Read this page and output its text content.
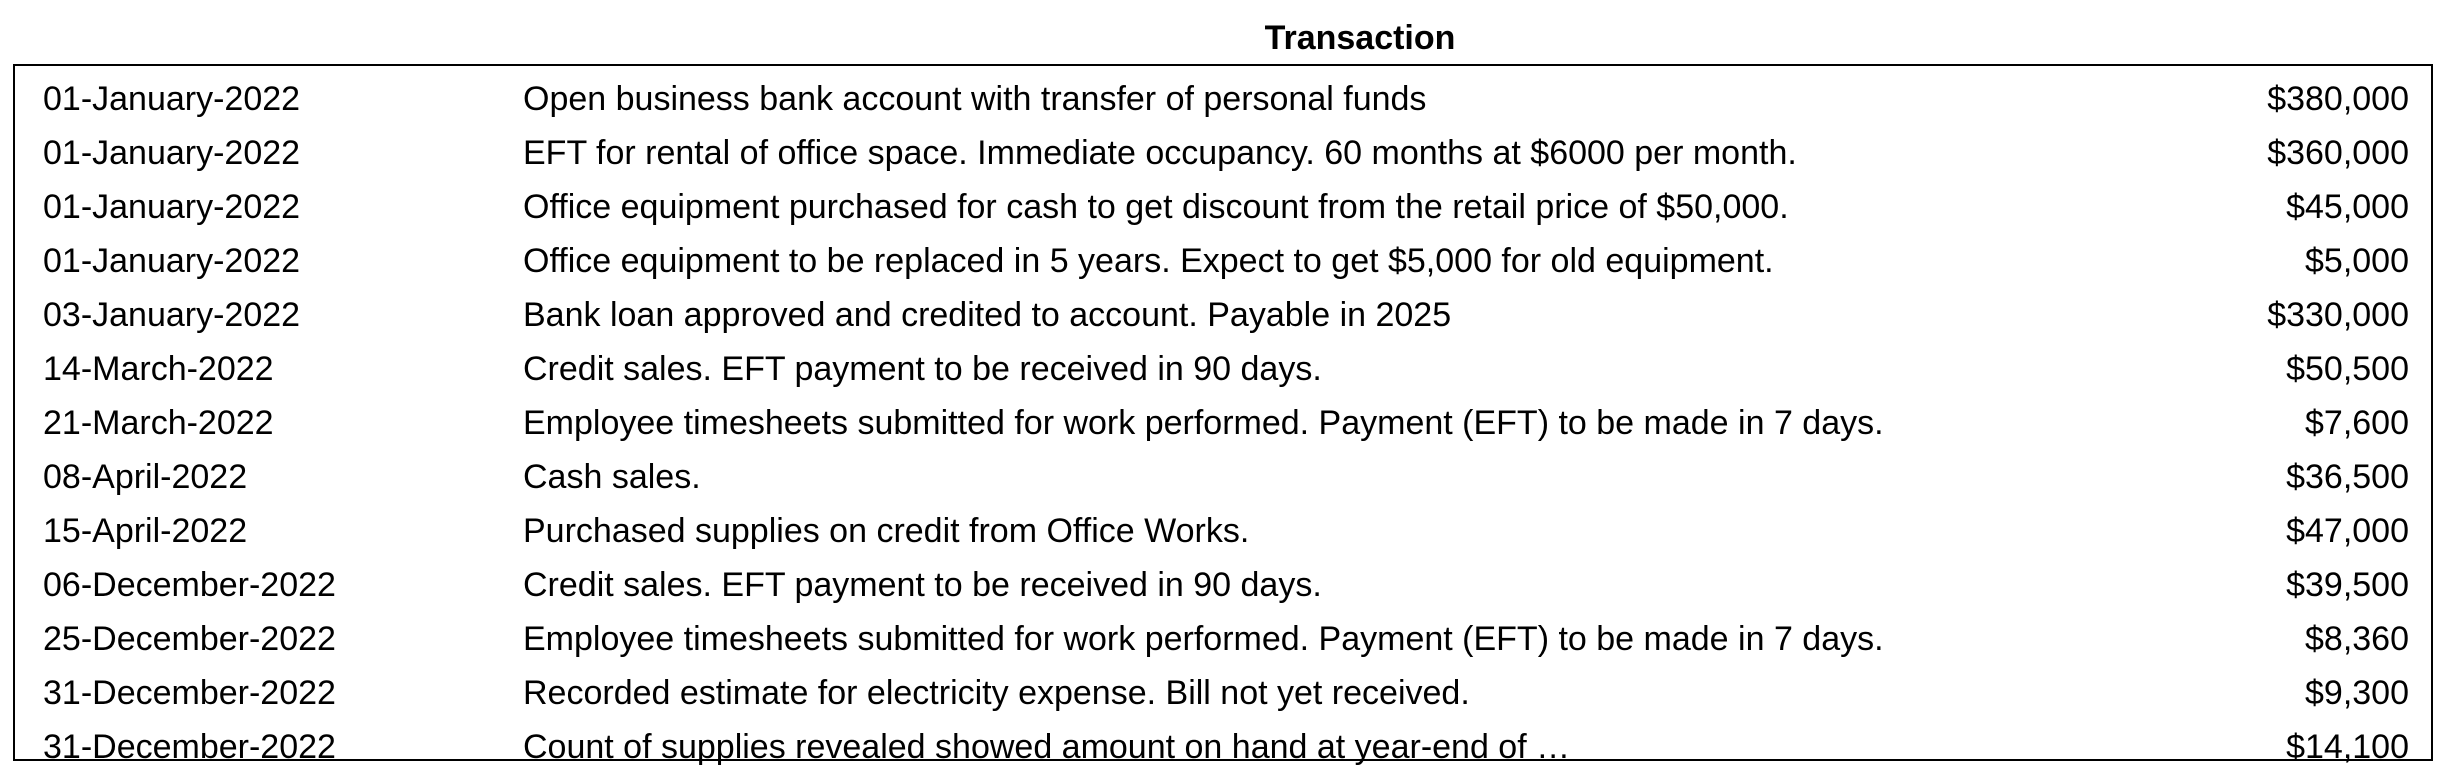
Transaction
01-January-2022	Open business bank account with transfer of personal funds	$380,000
01-January-2022	EFT for rental of office space. Immediate occupancy. 60 months at $6000 per month.	$360,000
01-January-2022	Office equipment purchased for cash to get discount from the retail price of $50,000.	$45,000
01-January-2022	Office equipment to be replaced in 5 years. Expect to get $5,000 for old equipment.	$5,000
03-January-2022	Bank loan approved and credited to account. Payable in 2025	$330,000
14-March-2022	Credit sales. EFT payment to be received in 90 days.	$50,500
21-March-2022	Employee timesheets submitted for work performed. Payment (EFT) to be made in 7 days.	$7,600
08-April-2022	Cash sales.	$36,500
15-April-2022	Purchased supplies on credit from Office Works.	$47,000
06-December-2022	Credit sales. EFT payment to be received in 90 days.	$39,500
25-December-2022	Employee timesheets submitted for work performed. Payment (EFT) to be made in 7 days.	$8,360
31-December-2022	Recorded estimate for electricity expense. Bill not yet received.	$9,300
31-December-2022	Count of supplies revealed showed amount on hand at year-end of …	$14,100
